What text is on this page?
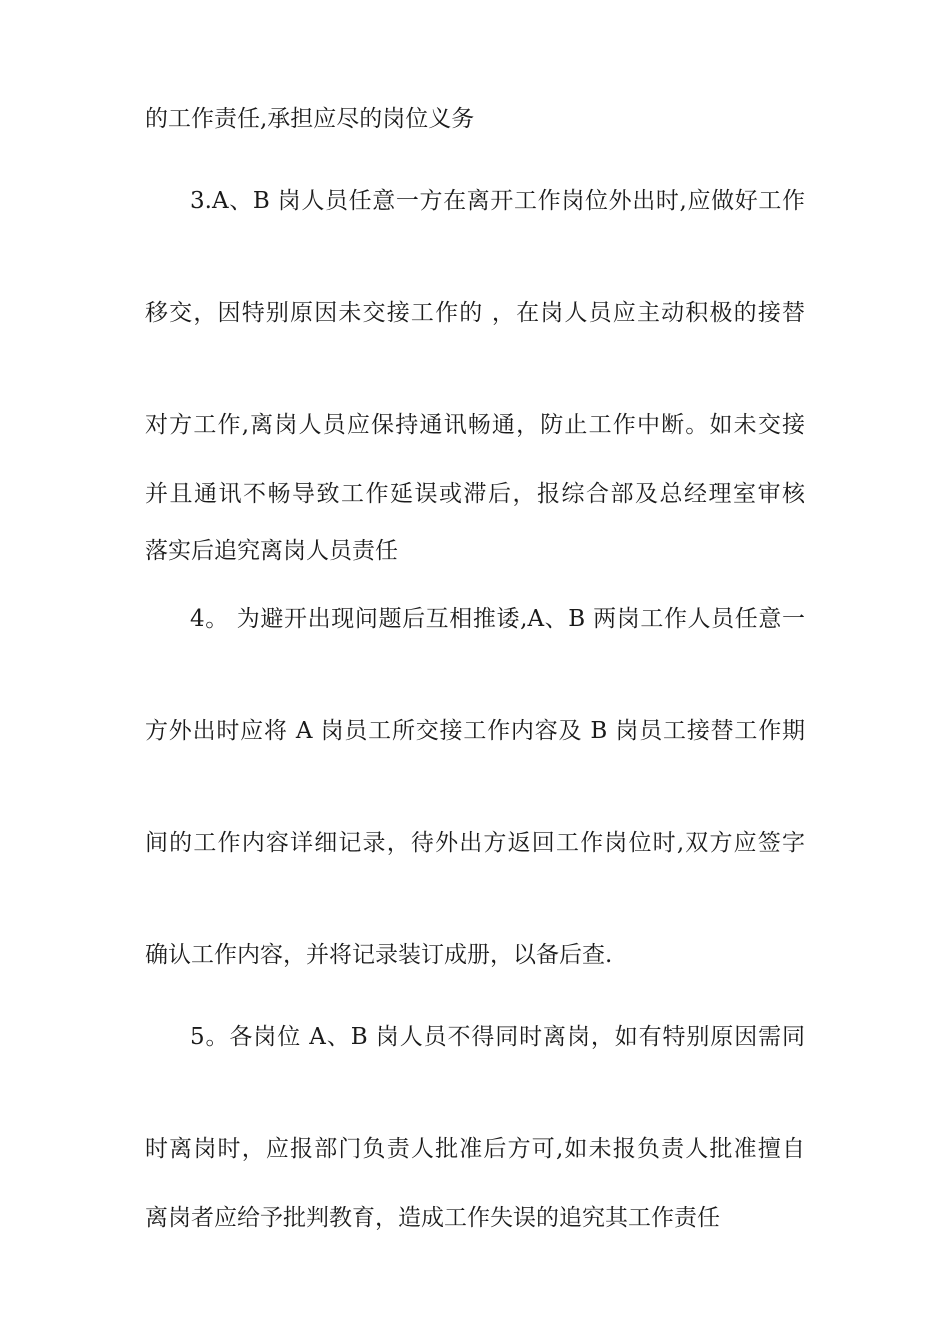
的工作责任,承担应尽的岗位义务
3.A、B 岗人员任意一方在离开工作岗位外出时,应做好工作
移交，因特别原因未交接工作的 ，在岗人员应主动积极的接替
对方工作,离岗人员应保持通讯畅通，防止工作中断。如未交接
并且通讯不畅导致工作延误或滞后，报综合部及总经理室审核
落实后追究离岗人员责任
4。 为避开出现问题后互相推诿,A、B 两岗工作人员任意一
方外出时应将 A 岗员工所交接工作内容及 B 岗员工接替工作期
间的工作内容详细记录，待外出方返回工作岗位时,双方应签字
确认工作内容，并将记录装订成册，以备后查.
5。各岗位 A、B 岗人员不得同时离岗，如有特别原因需同
时离岗时，应报部门负责人批准后方可,如未报负责人批准擅自
离岗者应给予批判教育，造成工作失误的追究其工作责任
